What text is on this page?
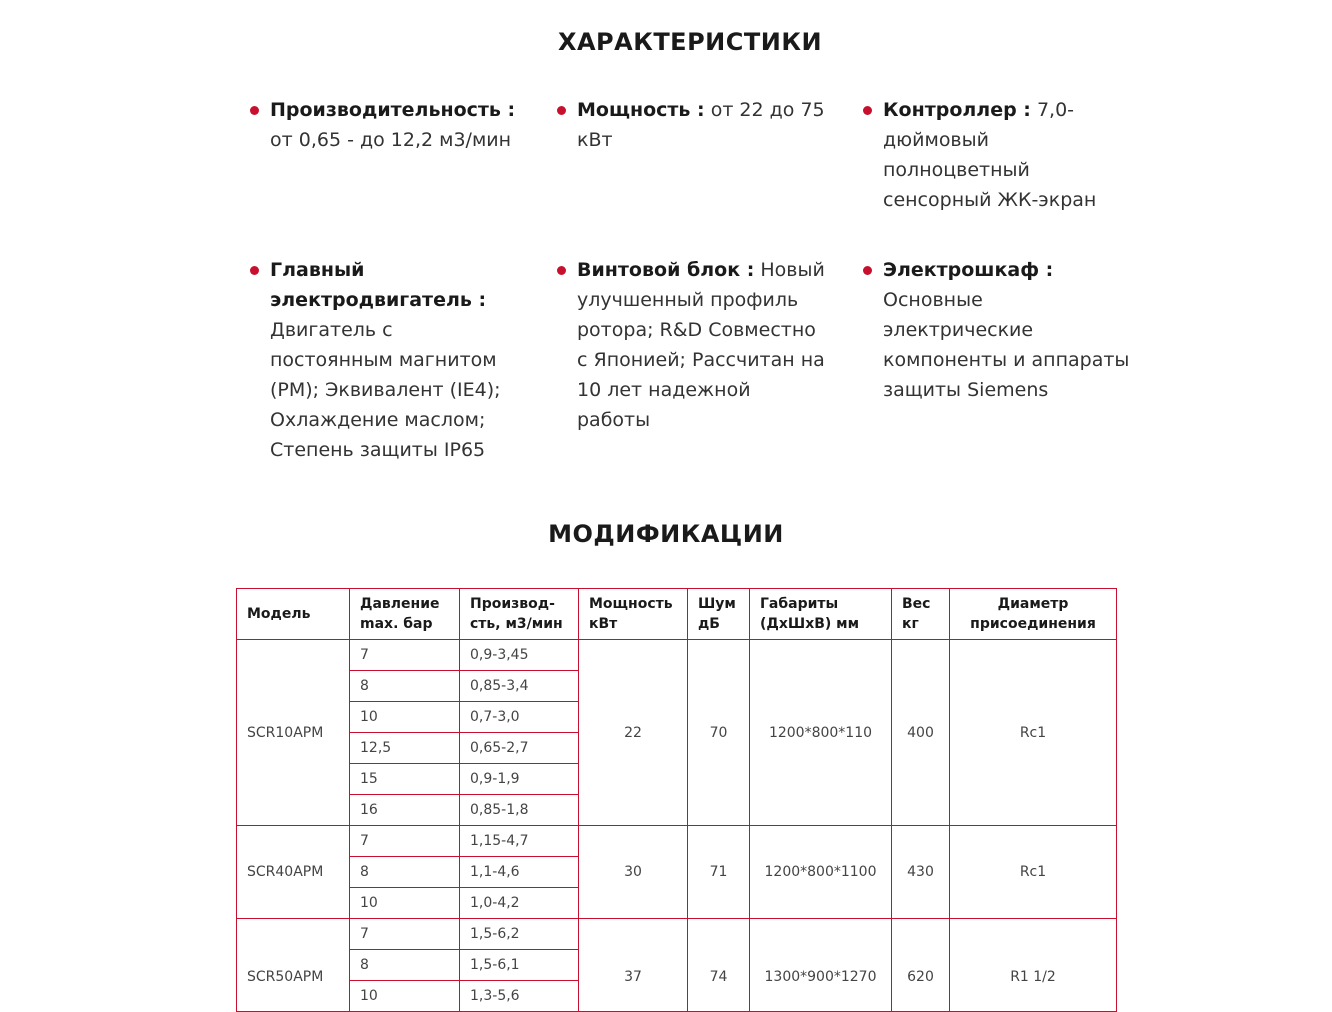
ХАРАКТЕРИСТИКИ
Производительность : от 0,65 - до 12,2 м3/мин
Мощность : от 22 до 75 кВт
Контроллер : 7,0-дюймовый полноцветный сенсорный ЖК-экран
Главный электродвигатель : Двигатель с постоянным магнитом (PM); Эквивалент (IE4); Охлаждение маслом; Степень защиты IP65
Винтовой блок : Новый улучшенный профиль ротора; R&D Совместно с Японией; Рассчитан на 10 лет надежной работы
Электрошкаф : Основные электрические компоненты и аппараты защиты Siemens
МОДИФИКАЦИИ
Модель	Давление max. бар	Производ-сть, м3/мин	Мощность кВт	Шум дБ	Габариты (ДхШхВ) мм	Вес кг	Диаметр присоединения
SCR10APM	7	0,9-3,45	22	70	1200*800*110	400	Rc1
	8	0,85-3,4					
	10	0,7-3,0					
	12,5	0,65-2,7					
	15	0,9-1,9					
	16	0,85-1,8					
SCR40APM	7	1,15-4,7	30	71	1200*800*1100	430	Rc1
	8	1,1-4,6					
	10	1,0-4,2					
SCR50APM	7	1,5-6,2	37	74	1300*900*1270	620	R1 1/2
	8	1,5-6,1					
	10	1,3-5,6					
